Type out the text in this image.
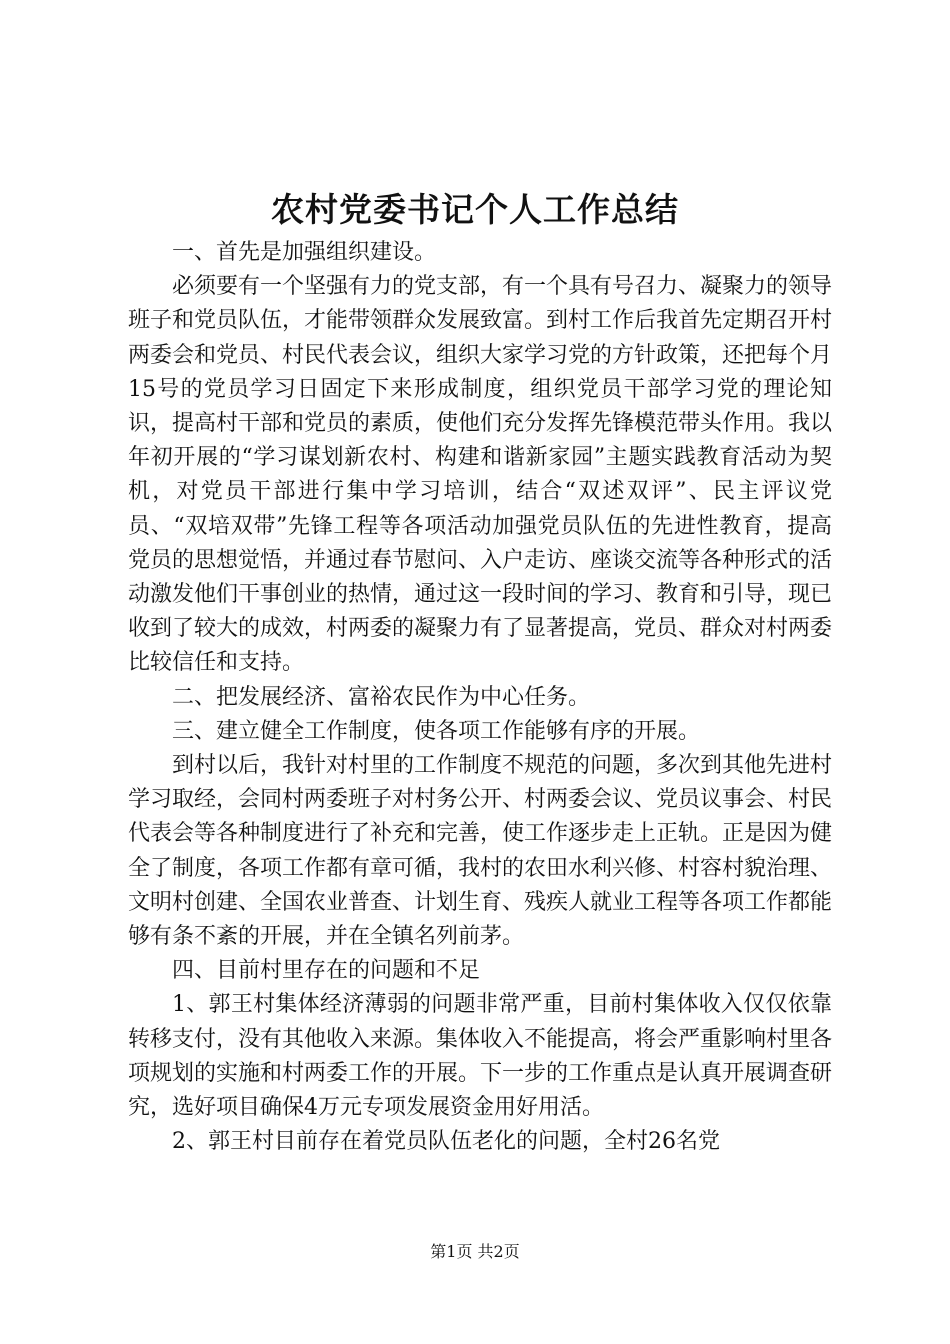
农村党委书记个人工作总结

一、首先是加强组织建设。

必须要有一个坚强有力的党支部，有一个具有号召力、凝聚力的领导班子和党员队伍，才能带领群众发展致富。到村工作后我首先定期召开村两委会和党员、村民代表会议，组织大家学习党的方针政策，还把每个月15号的党员学习日固定下来形成制度，组织党员干部学习党的理论知识，提高村干部和党员的素质，使他们充分发挥先锋模范带头作用。我以年初开展的“学习谋划新农村、构建和谐新家园”主题实践教育活动为契机，对党员干部进行集中学习培训，结合“双述双评”、民主评议党员、“双培双带”先锋工程等各项活动加强党员队伍的先进性教育，提高党员的思想觉悟，并通过春节慰问、入户走访、座谈交流等各种形式的活动激发他们干事创业的热情，通过这一段时间的学习、教育和引导，现已收到了较大的成效，村两委的凝聚力有了显著提高，党员、群众对村两委比较信任和支持。

二、把发展经济、富裕农民作为中心任务。

三、建立健全工作制度，使各项工作能够有序的开展。

到村以后，我针对村里的工作制度不规范的问题，多次到其他先进村学习取经，会同村两委班子对村务公开、村两委会议、党员议事会、村民代表会等各种制度进行了补充和完善，使工作逐步走上正轨。正是因为健全了制度，各项工作都有章可循，我村的农田水利兴修、村容村貌治理、文明村创建、全国农业普查、计划生育、残疾人就业工程等各项工作都能够有条不紊的开展，并在全镇名列前茅。

四、目前村里存在的问题和不足

1、郭王村集体经济薄弱的问题非常严重，目前村集体收入仅仅依靠转移支付，没有其他收入来源。集体收入不能提高，将会严重影响村里各项规划的实施和村两委工作的开展。下一步的工作重点是认真开展调查研究，选好项目确保4万元专项发展资金用好用活。

2、郭王村目前存在着党员队伍老化的问题，全村26名党

第1页 共2页
